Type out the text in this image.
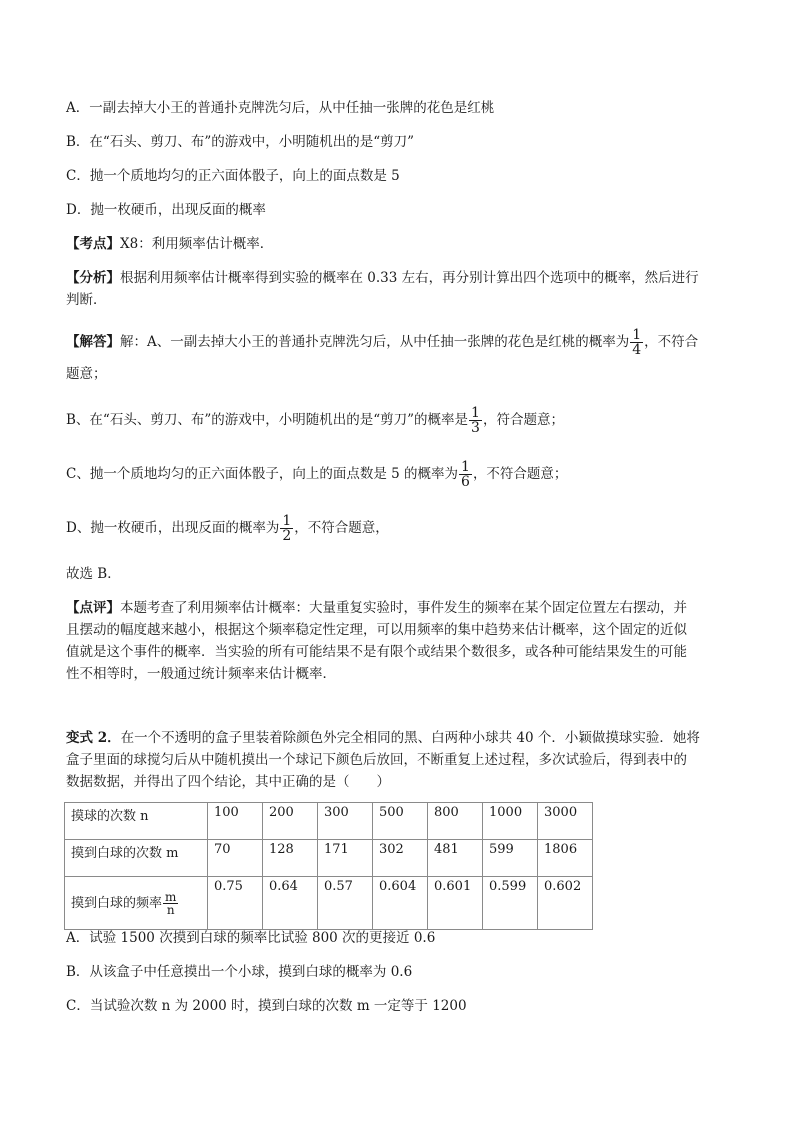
A．一副去掉大小王的普通扑克牌洗匀后，从中任抽一张牌的花色是红桃
B．在“石头、剪刀、布”的游戏中，小明随机出的是“剪刀”
C．抛一个质地均匀的正六面体骰子，向上的面点数是 5
D．抛一枚硬币，出现反面的概率
【考点】X8：利用频率估计概率．
【分析】根据利用频率估计概率得到实验的概率在 0.33 左右，再分别计算出四个选项中的概率，然后进行
判断．
【解答】解：A、一副去掉大小王的普通扑克牌洗匀后，从中任抽一张牌的花色是红桃的概率为 $\frac{1}{4}$ ，不符合
题意；
B、在“石头、剪刀、布”的游戏中，小明随机出的是“剪刀”的概率是 $\frac{1}{3}$ ，符合题意；
C、抛一个质地均匀的正六面体骰子，向上的面点数是 5 的概率为 $\frac{1}{6}$ ，不符合题意；
D、抛一枚硬币，出现反面的概率为 $\frac{1}{2}$ ，不符合题意，
故选 B．
【点评】本题考查了利用频率估计概率：大量重复实验时，事件发生的频率在某个固定位置左右摆动，并
且摆动的幅度越来越小，根据这个频率稳定性定理，可以用频率的集中趋势来估计概率，这个固定的近似
值就是这个事件的概率．当实验的所有可能结果不是有限个或结果个数很多，或各种可能结果发生的可能
性不相等时，一般通过统计频率来估计概率．
变式 2．在一个不透明的盒子里装着除颜色外完全相同的黑、白两种小球共 40 个．小颖做摸球实验．她将
盒子里面的球搅匀后从中随机摸出一个球记下颜色后放回，不断重复上述过程，多次试验后，得到表中的
数据数据，并得出了四个结论，其中正确的是（　　）
摸球的次数 n	100	200	300	500	800	1000	3000
摸到白球的次数 m	70	128	171	302	481	599	1806
摸到白球的频率 $\frac{m}{n}$	0.75	0.64	0.57	0.604	0.601	0.599	0.602
A．试验 1500 次摸到白球的频率比试验 800 次的更接近 0.6
B．从该盒子中任意摸出一个小球，摸到白球的概率为 0.6
C．当试验次数 n 为 2000 时，摸到白球的次数 m 一定等于 1200
